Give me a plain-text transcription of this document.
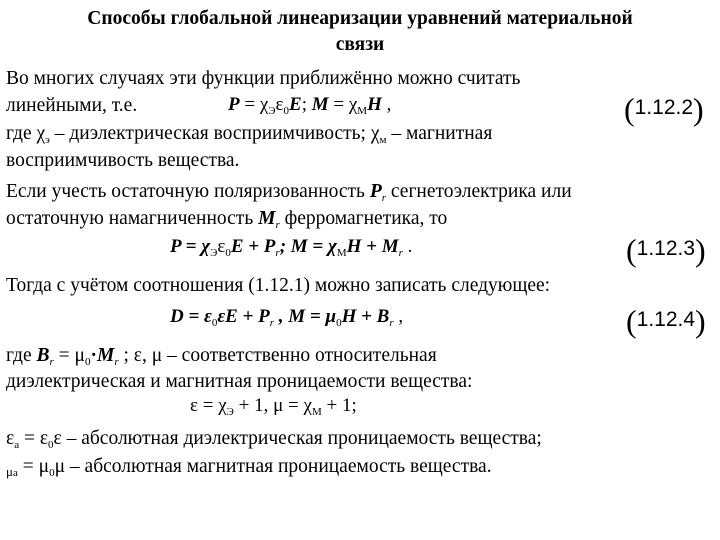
Способы глобальной линеаризации уравнений материальной
связи
Во многих случаях эти функции приближённо можно считать
линейными, т.е.	$P = \chi_Э\varepsilon_0E$; $M = \chi_MH$ ,	(1.12.2)
где $\chi_э$ – диэлектрическая восприимчивость; $\chi_м$ – магнитная
восприимчивость вещества.
Если учесть остаточную поляризованность $P_r$ сегнетоэлектрика или
остаточную намагниченность $M_r$ ферромагнетика, то
$P = \chi_Э\varepsilon_0E + P_r$; $M = \chi_MH + M_r$ .	(1.12.3)
Тогда с учётом соотношения (1.12.1) можно записать следующее:
$D = \varepsilon_0\varepsilon E + P_r$ , $M = \mu_0H + B_r$ ,	(1.12.4)
где $B_r = \mu_0\cdot M_r$ ; ε, μ – соответственно относительная
диэлектрическая и магнитная проницаемости вещества:
$\varepsilon = \chi_Э + 1$, $\mu = \chi_M + 1$;
$\varepsilon_a = \varepsilon_0\varepsilon$ – абсолютная диэлектрическая проницаемость вещества;
$_{\mu a} = \mu_0\mu$ – абсолютная магнитная проницаемость вещества.
